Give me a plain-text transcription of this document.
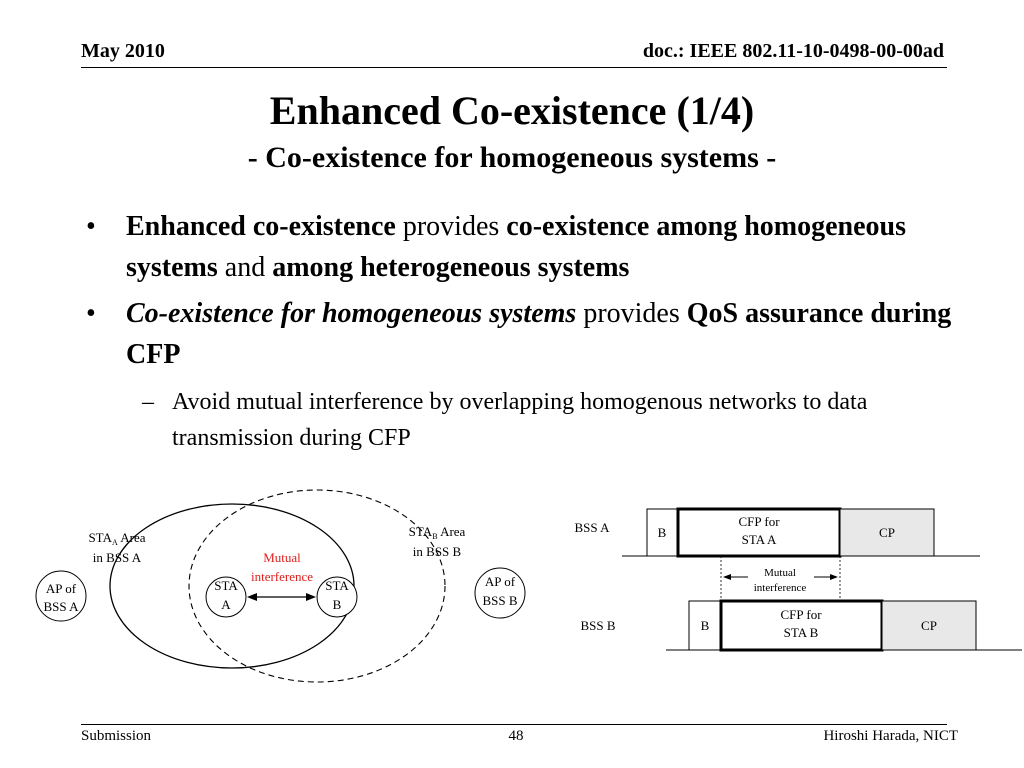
May 2010	doc.: IEEE 802.11-10-0498-00-00ad
Enhanced Co-existence (1/4)
- Co-existence for homogeneous systems -
• Enhanced co-existence provides co-existence among homogeneous systems and among heterogeneous systems
• Co-existence for homogeneous systems provides QoS assurance during CFP
– Avoid mutual interference by overlapping homogenous networks to data transmission during CFP
$STA_A$ Area
in BSS A
$STA_B$ Area
in BSS B
AP of
BSS A
AP of
BSS B
STA
A
STA
B
Mutual
interference
BSS A	B
CFP for
STA A	CP
Mutual
interference
BSS B	B
CFP for
STA B	CP
Submission	48	Hiroshi Harada, NICT
